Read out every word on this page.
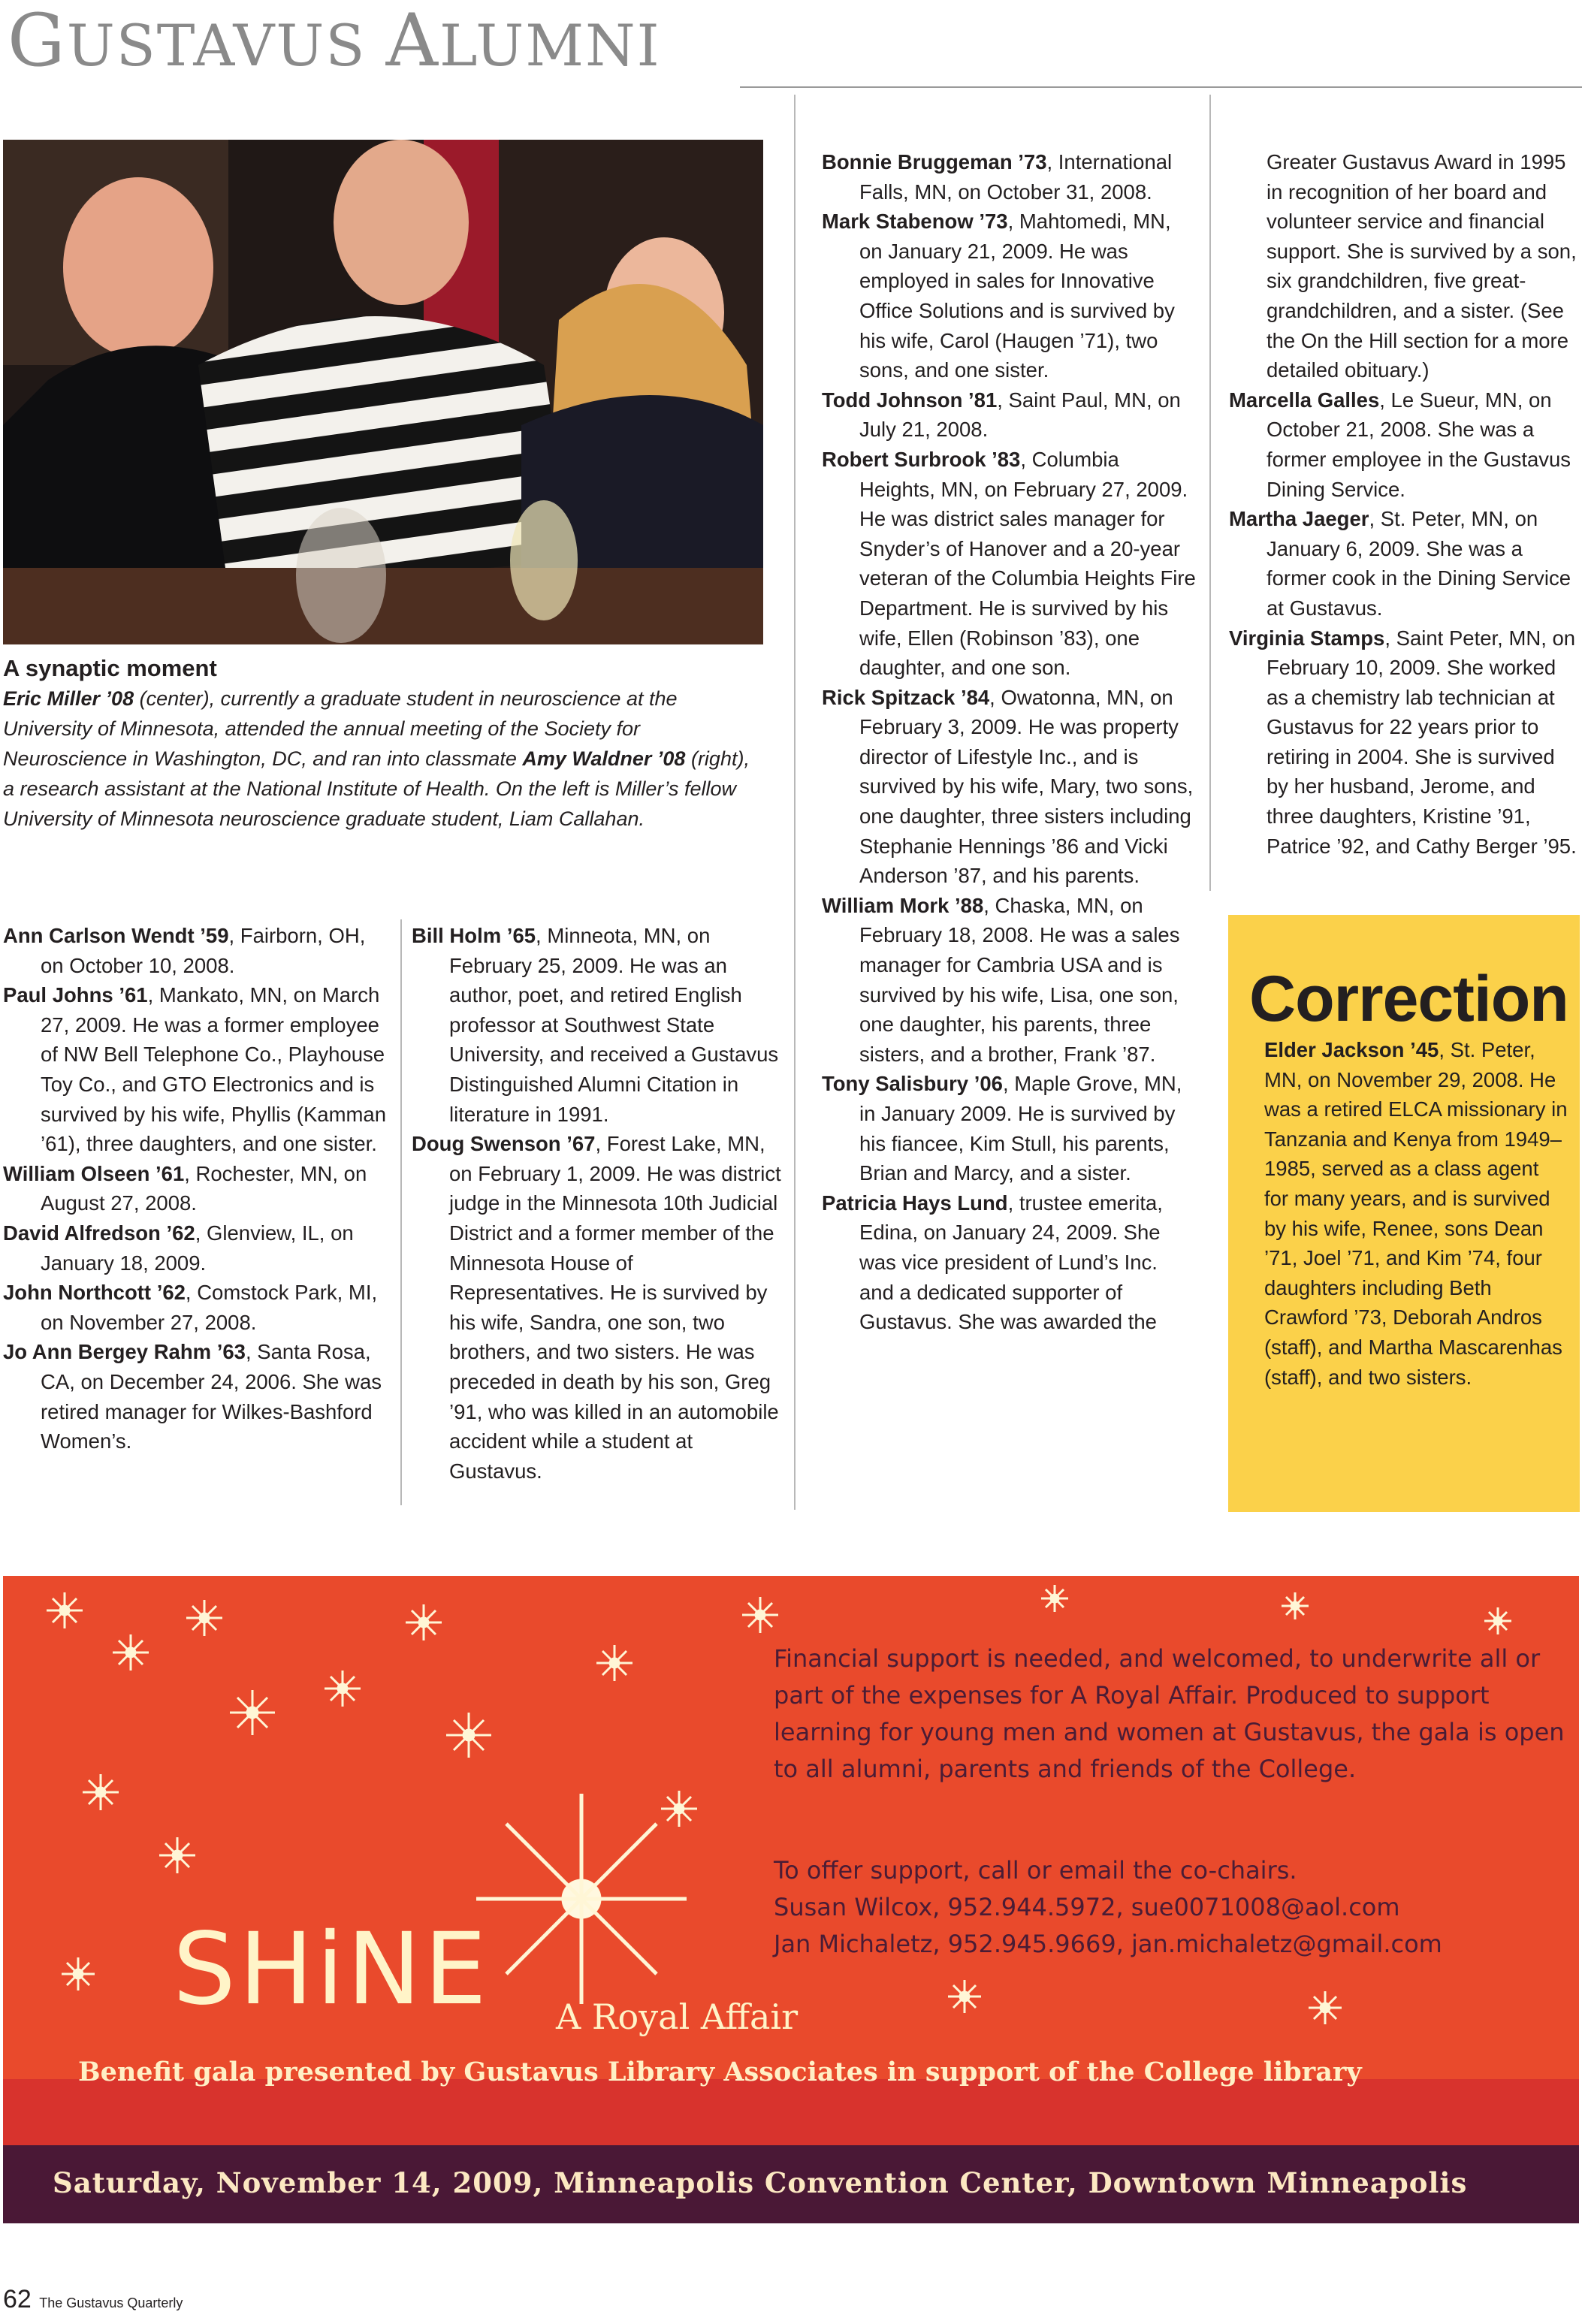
GUSTAVUS ALUMNI
A synaptic moment
Eric Miller ’08 (center), currently a graduate student in neuroscience at the University of Minnesota, attended the annual meeting of the Society for Neuroscience in Washington, DC, and ran into classmate Amy Waldner ’08 (right), a research assistant at the National Institute of Health. On the left is Miller’s fellow University of Minnesota neuroscience graduate student, Liam Callahan.
Ann Carlson Wendt ’59, Fairborn, OH, on October 10, 2008.
Paul Johns ’61, Mankato, MN, on March 27, 2009. He was a former employee of NW Bell Telephone Co., Playhouse Toy Co., and GTO Electronics and is survived by his wife, Phyllis (Kamman ’61), three daughters, and one sister.
William Olseen ’61, Rochester, MN, on August 27, 2008.
David Alfredson ’62, Glenview, IL, on January 18, 2009.
John Northcott ’62, Comstock Park, MI, on November 27, 2008.
Jo Ann Bergey Rahm ’63, Santa Rosa, CA, on December 24, 2006. She was retired manager for Wilkes-Bashford Women’s.
Bill Holm ’65, Minneota, MN, on February 25, 2009. He was an author, poet, and retired English professor at Southwest State University, and received a Gustavus Distinguished Alumni Citation in literature in 1991.
Doug Swenson ’67, Forest Lake, MN, on February 1, 2009. He was district judge in the Minnesota 10th Judicial District and a former member of the Minnesota House of Representatives. He is survived by his wife, Sandra, one son, two brothers, and two sisters. He was preceded in death by his son, Greg ’91, who was killed in an automobile accident while a student at Gustavus.
Bonnie Bruggeman ’73, International Falls, MN, on October 31, 2008.
Mark Stabenow ’73, Mahtomedi, MN, on January 21, 2009. He was employed in sales for Innovative Office Solutions and is survived by his wife, Carol (Haugen ’71), two sons, and one sister.
Todd Johnson ’81, Saint Paul, MN, on July 21, 2008.
Robert Surbrook ’83, Columbia Heights, MN, on February 27, 2009. He was district sales manager for Snyder’s of Hanover and a 20-year veteran of the Columbia Heights Fire Department. He is survived by his wife, Ellen (Robinson ’83), one daughter, and one son.
Rick Spitzack ’84, Owatonna, MN, on February 3, 2009. He was property director of Lifestyle Inc., and is survived by his wife, Mary, two sons, one daughter, three sisters including Stephanie Hennings ’86 and Vicki Anderson ’87, and his parents.
William Mork ’88, Chaska, MN, on February 18, 2008. He was a sales manager for Cambria USA and is survived by his wife, Lisa, one son, one daughter, his parents, three sisters, and a brother, Frank ’87.
Tony Salisbury ’06, Maple Grove, MN, in January 2009. He is survived by his fiancee, Kim Stull, his parents, Brian and Marcy, and a sister.
Patricia Hays Lund, trustee emerita, Edina, on January 24, 2009. She was vice president of Lund’s Inc. and a dedicated supporter of Gustavus. She was awarded the
Greater Gustavus Award in 1995 in recognition of her board and volunteer service and financial support. She is survived by a son, six grandchildren, five great-grandchildren, and a sister. (See the On the Hill section for a more detailed obituary.)
Marcella Galles, Le Sueur, MN, on October 21, 2008. She was a former employee in the Gustavus Dining Service.
Martha Jaeger, St. Peter, MN, on January 6, 2009. She was a former cook in the Dining Service at Gustavus.
Virginia Stamps, Saint Peter, MN, on February 10, 2009. She worked as a chemistry lab technician at Gustavus for 22 years prior to retiring in 2004. She is survived by her husband, Jerome, and three daughters, Kristine ’91, Patrice ’92, and Cathy Berger ’95.
Correction
Elder Jackson ’45, St. Peter, MN, on November 29, 2008. He was a retired ELCA missionary in Tanzania and Kenya from 1949–1985, served as a class agent for many years, and is survived by his wife, Renee, sons Dean ’71, Joel ’71, and Kim ’74, four daughters including Beth Crawford ’73, Deborah Andros (staff), and Martha Mascarenhas (staff), and two sisters.
Financial support is needed, and welcomed, to underwrite all or part of the expenses for A Royal Affair. Produced to support learning for young men and women at Gustavus, the gala is open to all alumni, parents and friends of the College.
To offer support, call or email the co-chairs.
Susan Wilcox, 952.944.5972, sue0071008@aol.com
Jan Michaletz, 952.945.9669, jan.michaletz@gmail.com
SHiNE A Royal Affair
Benefit gala presented by Gustavus Library Associates in support of the College library
Saturday, November 14, 2009, Minneapolis Convention Center, Downtown Minneapolis
62 The Gustavus Quarterly
